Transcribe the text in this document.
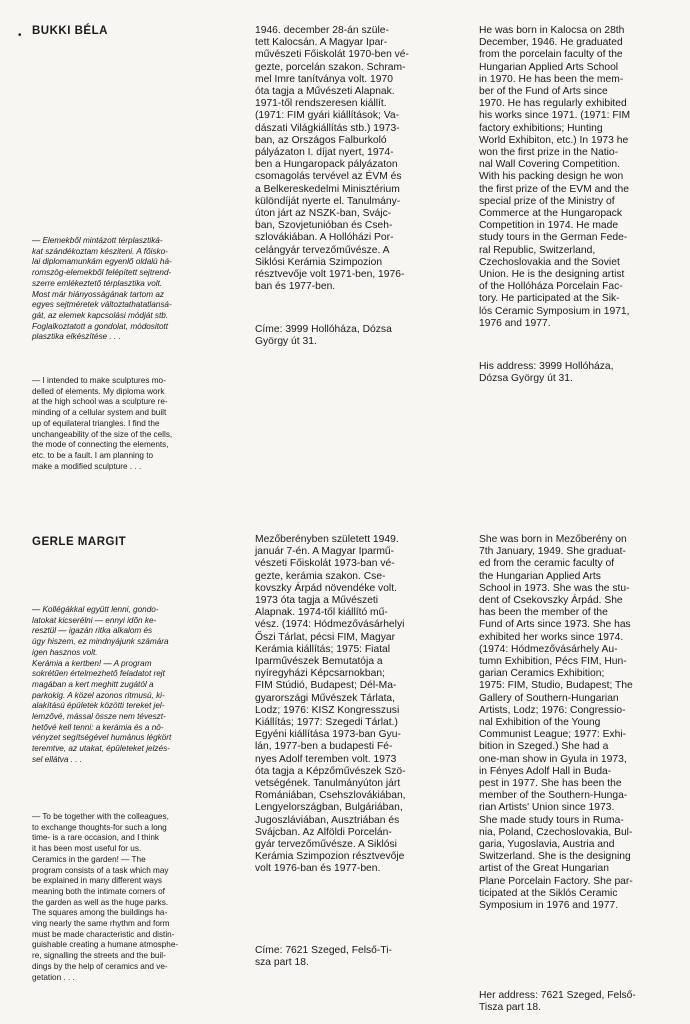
• BUKKI BÉLA

— Elemekből mintázott térplasztiká-
kat szándékoztam késziteni. A főisko-
lai diplomamunkám egyenlő oldalú há-
romszög-elemekből felépített sejtrend-
szerre emlékeztető térplasztika volt.
Most már hiányosságának tartom az
egyes sejtméretek változtathatatlansá-
gát, az elemek kapcsolási módját stb.
Foglalkoztatott a gondolat, módositott
plasztika elkészítése . . .

— I intended to make sculptures mo-
delled of elements. My diploma work
at the high school was a sculpture re-
minding of a cellular system and built
up of equilateral triangles. I find the
unchangeability of the size of the cells,
the mode of connecting the elements,
etc. to be a fault. I am planning to
make a modified sculpture . . .

1946. december 28-án szüle-
tett Kalocsán. A Magyar Ipar-
művészeti Főiskolát 1970-ben vé-
gezte, porcelán szakon. Schram-
mel Imre tanítványa volt. 1970
óta tagja a Művészeti Alapnak.
1971-től rendszeresen kiállít.
(1971: FIM gyári kiállítások; Va-
dászati Világkiállítás stb.) 1973-
ban, az Országos Falburkoló
pályázaton I. díjat nyert, 1974-
ben a Hungaropack pályázaton
csomagolás tervével az ÉVM és
a Belkereskedelmi Minisztérium
különdíját nyerte el. Tanulmány-
úton járt az NSZK-ban, Svájc-
ban, Szovjetunióban és Cseh-
szlovákiában. A Hollóházi Por-
celángyár tervezőművésze. A
Siklósi Kerámia Szimpozion
résztvevője volt 1971-ben, 1976-
ban és 1977-ben.

Címe: 3999 Hollóháza, Dózsa
György út 31.

He was born in Kalocsa on 28th
December, 1946. He graduated
from the porcelain faculty of the
Hungarian Applied Arts School
in 1970. He has been the mem-
ber of the Fund of Arts since
1970. He has regularly exhibited
his works since 1971. (1971: FIM
factory exhibitions; Hunting
World Exhibiton, etc.) In 1973 he
won the first prize in the Natio-
nal Wall Covering Competition.
With his packing design he won
the first prize of the EVM and the
special prize of the Ministry of
Commerce at the Hungaropack
Competition in 1974. He made
study tours in the German Fede-
ral Republic, Switzerland,
Czechoslovakia and the Soviet
Union. He is the designing artist
of the Hollóháza Porcelain Fac-
tory. He participated at the Sik-
lós Ceramic Symposium in 1971,
1976 and 1977.

His address: 3999 Hollóháza,
Dózsa György út 31.

GERLE MARGIT

— Kollégákkal együtt lenni, gondo-
latokat kicserélni — ennyi idõn ke-
resztül — igazán ritka alkalom és
úgy hiszem, ez mindnyájunk számára
igen hasznos volt.
Kerámia a kertben! — A program
sokrétűen értelmezhető feladatot rejt
magában a kert meghitt zugától a
parkokig. A közel azonos ritmusú, ki-
alakítású épületek közötti tereket jel-
lemzővé, mással össze nem téveszt-
hetővé kell tenni: a kerámia és a nö-
vényzet segítségével humánus légkört
teremtve, az utakat, épületeket jelzés-
sel ellátva . . .

— To be together with the colleagues,
to exchange thoughts-for such a long
time- is a rare occasion, and I think
it has been most useful for us.
Ceramics in the garden! — The
program consists of a task which may
be explained in many different ways
meaning both the intimate corners of
the garden as well as the huge parks.
The squares among the buildings ha-
ving nearly the same rhythm and form
must be made characteristic and distin-
guishable creating a humane atmosphe-
re, signalling the streets and the buil-
dings by the help of ceramics and ve-
getation . . .

Mezőberényben született 1949.
január 7-én. A Magyar Iparmű-
vészeti Főiskolát 1973-ban vé-
gezte, kerámia szakon. Cse-
kovszky Árpád növendéke volt.
1973 óta tagja a Művészeti
Alapnak. 1974-től kiállító mű-
vész. (1974: Hódmezővásárhelyi
Őszi Tárlat, pécsi FIM, Magyar
Kerámia kiállítás; 1975: Fiatal
Iparművészek Bemutatója a
nyíregyházi Képcsarnokban;
FIM Stúdió, Budapest; Dél-Ma-
gyarországi Művészek Tárlata,
Lodz; 1976: KISZ Kongresszusi
Kiállítás; 1977: Szegedi Tárlat.)
Egyéni kiállítása 1973-ban Gyu-
lán, 1977-ben a budapesti Fé-
nyes Adolf teremben volt. 1973
óta tagja a Képzőművészek Szö-
vetségének. Tanulmányúton járt
Romániában, Csehszlovákiában,
Lengyelországban, Bulgáriában,
Jugoszláviában, Ausztriában és
Svájcban. Az Alföldi Porcelán-
gyár tervezőművésze. A Siklósi
Kerámia Szimpozion résztvevője
volt 1976-ban és 1977-ben.

Címe: 7621 Szeged, Felső-Ti-
sza part 18.

She was born in Mezőberény on
7th January, 1949. She graduat-
ed from the ceramic faculty of
the Hungarian Applied Arts
School in 1973. She was the stu-
dent of Csekovszky Árpád. She
has been the member of the
Fund of Arts since 1973. She has
exhibited her works since 1974.
(1974: Hódmezővásárhely Au-
tumn Exhibition, Pécs FIM, Hun-
garian Ceramics Exhibition;
1975: FIM, Studio, Budapest; The
Gallery of Southern-Hungarian
Artists, Lodz; 1976: Congressio-
nal Exhibition of the Young
Communist League; 1977: Exhi-
bition in Szeged.) She had a
one-man show in Gyula in 1973,
in Fényes Adolf Hall in Buda-
pest in 1977. She has been the
member of the Southern-Hunga-
rian Artists' Union since 1973.
She made study tours in Ruma-
nia, Poland, Czechoslovakia, Bul-
garia, Yugoslavia, Austria and
Switzerland. She is the designing
artist of the Great Hungarian
Plane Porcelain Factory. She par-
ticipated at the Siklós Ceramic
Symposium in 1976 and 1977.

Her address: 7621 Szeged, Felső-
Tisza part 18.
